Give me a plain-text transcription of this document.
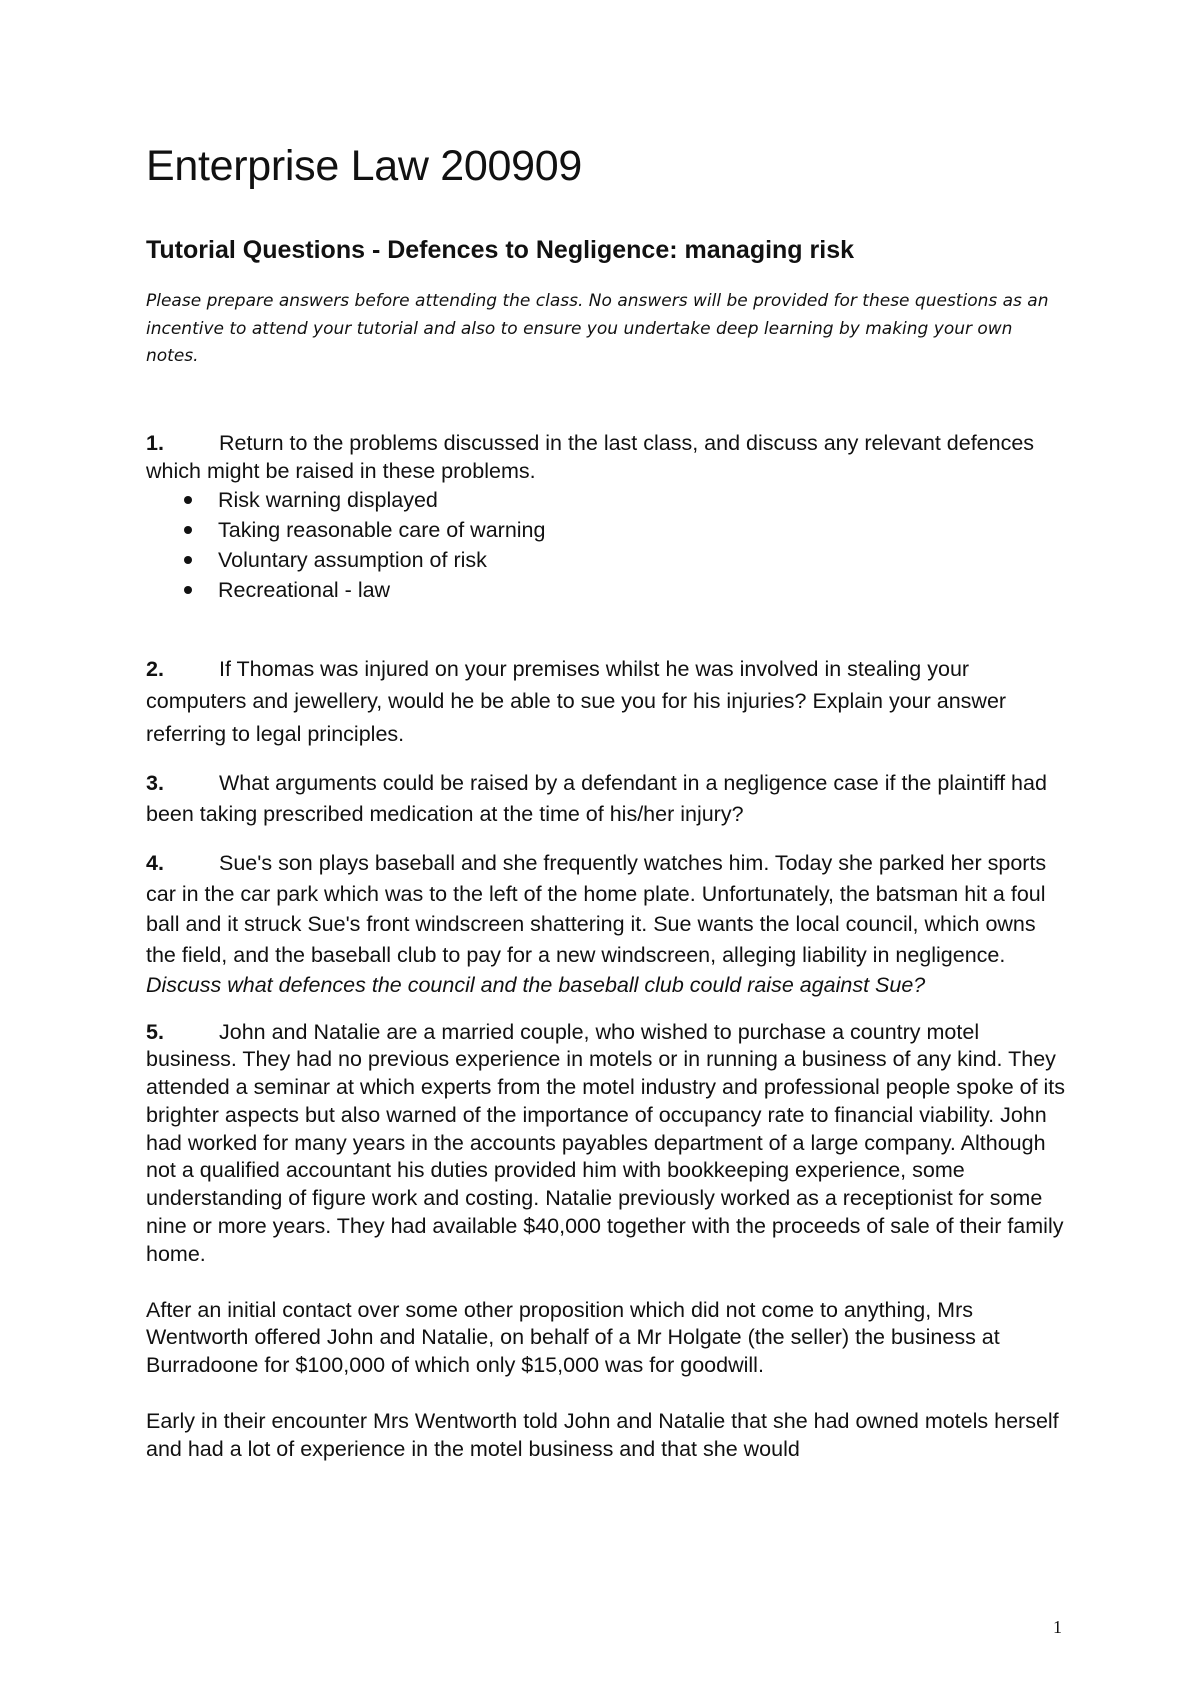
Enterprise Law 200909
Tutorial Questions - Defences to Negligence: managing risk

Please prepare answers before attending the class. No answers will be provided for these questions as an incentive to attend your tutorial and also to ensure you undertake deep learning by making your own notes.

1.	Return to the problems discussed in the last class, and discuss any relevant defences which might be raised in these problems.

Risk warning displayed
Taking reasonable care of warning
Voluntary assumption of risk
Recreational - law

2.	If Thomas was injured on your premises whilst he was involved in stealing your computers and jewellery, would he be able to sue you for his injuries? Explain your answer referring to legal principles.

3.	What arguments could be raised by a defendant in a negligence case if the plaintiff had been taking prescribed medication at the time of his/her injury?

4.	Sue's son plays baseball and she frequently watches him. Today she parked her sports car in the car park which was to the left of the home plate. Unfortunately, the batsman hit a foul ball and it struck Sue's front windscreen shattering it. Sue wants the local council, which owns the field, and the baseball club to pay for a new windscreen, alleging liability in negligence. Discuss what defences the council and the baseball club could raise against Sue?

5.	John and Natalie are a married couple, who wished to purchase a country motel business. They had no previous experience in motels or in running a business of any kind. They attended a seminar at which experts from the motel industry and professional people spoke of its brighter aspects but also warned of the importance of occupancy rate to financial viability. John had worked for many years in the accounts payables department of a large company. Although not a qualified accountant his duties provided him with bookkeeping experience, some understanding of figure work and costing. Natalie previously worked as a receptionist for some nine or more years. They had available $40,000 together with the proceeds of sale of their family home.

After an initial contact over some other proposition which did not come to anything, Mrs Wentworth offered John and Natalie, on behalf of a Mr Holgate (the seller) the business at Burradoone for $100,000 of which only $15,000 was for goodwill.

Early in their encounter Mrs Wentworth told John and Natalie that she had owned motels herself and had a lot of experience in the motel business and that she would

1
